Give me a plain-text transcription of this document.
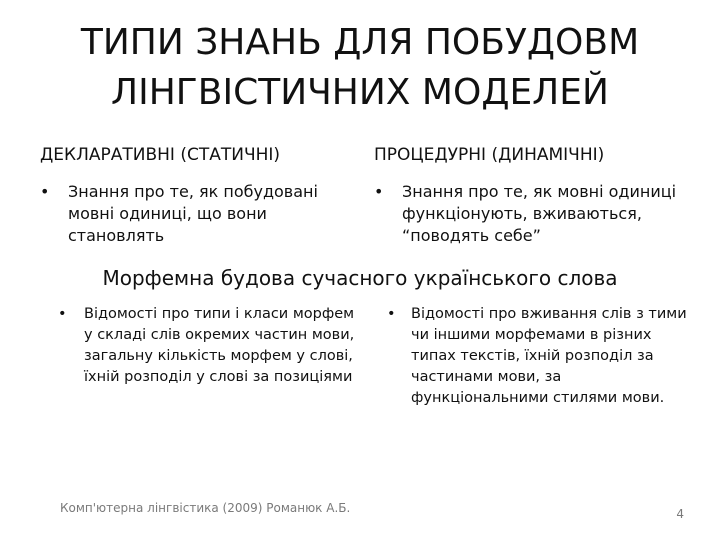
ТИПИ ЗНАНЬ ДЛЯ ПОБУДОВМ ЛІНГВІСТИЧНИХ МОДЕЛЕЙ
ДЕКЛАРАТИВНІ (СТАТИЧНІ)	ПРОЦЕДУРНІ (ДИНАМІЧНІ)
•	Знання про те, як побудовані мовні одиниці, що вони становлять
•	Знання про те, як мовні одиниці функціонують, вживаються, “поводять себе”
Морфемна будова сучасного українського слова
•	Відомості про типи і класи морфем у складі слів окремих частин мови, загальну кількість морфем у слові, їхній розподіл у слові за позиціями
•	Відомості про вживання слів з тими чи іншими морфемами в різних типах текстів, їхній розподіл за частинами мови, за функціональними стилями мови.
Комп'ютерна лінгвістика (2009) Романюк А.Б.	4
